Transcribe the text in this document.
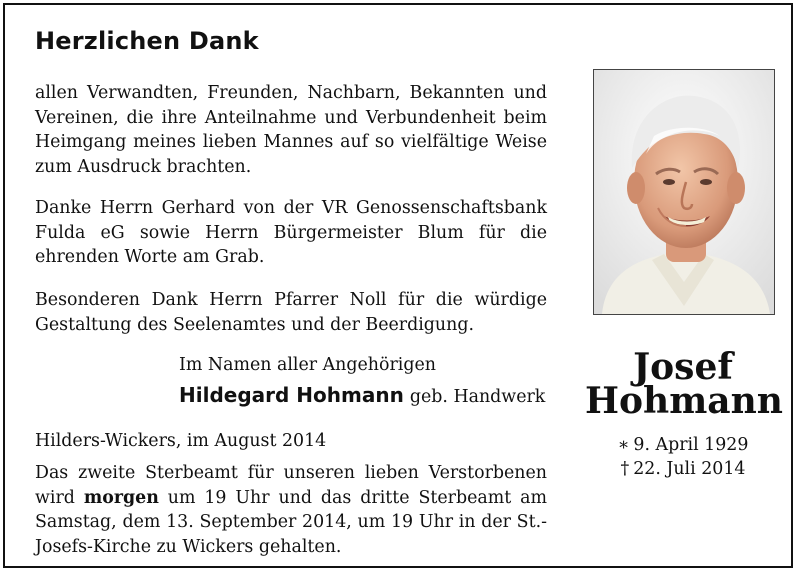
Herzlichen Dank

allen Verwandten, Freunden, Nachbarn, Bekannten und Vereinen, die ihre Anteilnahme und Verbundenheit beim Heimgang meines lieben Mannes auf so vielfältige Weise zum Ausdruck brachten.

Danke Herrn Gerhard von der VR Genossenschaftsbank Fulda eG sowie Herrn Bürgermeister Blum für die ehrenden Worte am Grab.

Besonderen Dank Herrn Pfarrer Noll für die würdige Gestaltung des Seelenamtes und der Beerdigung.

Im Namen aller Angehörigen
Hildegard Hohmann geb. Handwerk
Hilders-Wickers, im August 2014

Das zweite Sterbeamt für unseren lieben Verstorbenen wird morgen um 19 Uhr und das dritte Sterbeamt am Samstag, dem 13. September 2014, um 19 Uhr in der St.-Josefs-Kirche zu Wickers gehalten.

Josef
Hohmann
∗ 9. April 1929
† 22. Juli 2014
